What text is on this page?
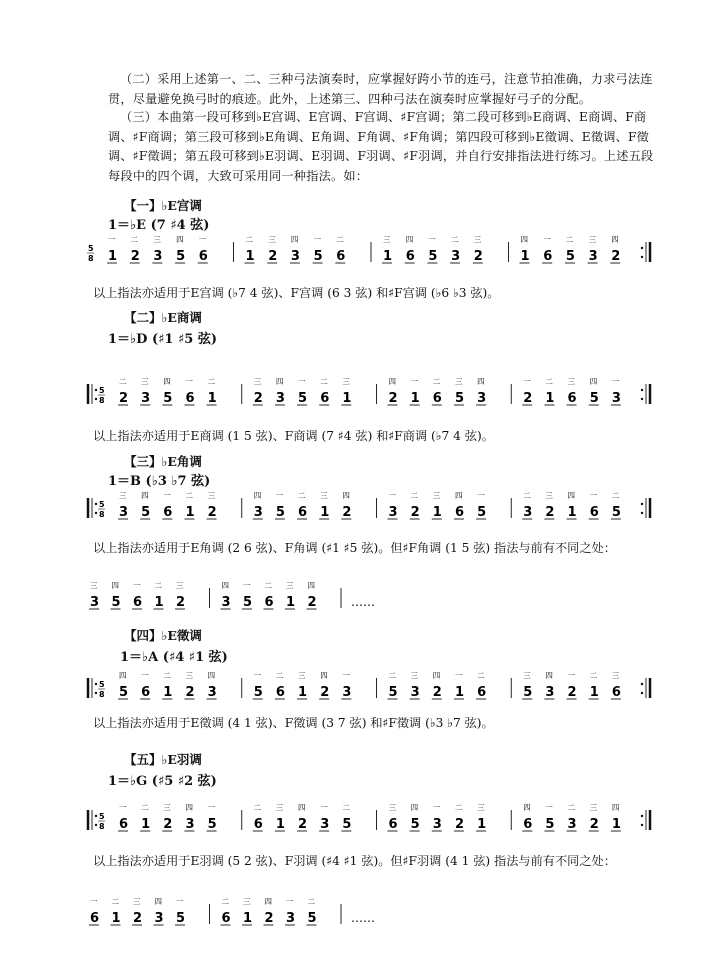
（二）采用上述第一、二、三种弓法演奏时，应掌握好跨小节的连弓，注意节拍准确，力求弓法连贯，尽量避免换弓时的痕迹。此外，上述第三、四种弓法在演奏时应掌握好弓子的分配。
（三）本曲第一段可移到♭E宫调、E宫调、F宫调、♯F宫调；第二段可移到♭E商调、E商调、F商调、♯F商调；第三段可移到♭E角调、E角调、F角调、♯F角调；第四段可移到♭E徵调、E徵调、F徵调、♯F徵调；第五段可移到♭E羽调、E羽调、F羽调、♯F羽调，并自行安排指法进行练习。上述五段每段中的四个调，大致可采用同一种指法。如：
【一】♭E宫调
1＝♭E (7 ♯4 弦)
以上指法亦适用于E宫调 (♭7 4 弦)、F宫调 (6 3 弦) 和♯F宫调 (♭6 ♭3 弦)。
【二】♭E商调
1＝♭D (♯1 ♯5 弦)
以上指法亦适用于E商调 (1 5 弦)、F商调 (7 ♯4 弦) 和♯F商调 (♭7 4 弦)。
【三】♭E角调
1＝B (♭3 ♭7 弦)
以上指法亦适用于E角调 (2 6 弦)、F角调 (♯1 ♯5 弦)。但♯F角调 (1 5 弦) 指法与前有不同之处：
【四】♭E徵调
1＝♭A (♯4 ♯1 弦)
以上指法亦适用于E徵调 (4 1 弦)、F徵调 (3 7 弦) 和♯F徵调 (♭3 ♭7 弦)。
【五】♭E羽调
1＝♭G (♯5 ♯2 弦)
以上指法亦适用于E羽调 (5 2 弦)、F羽调 (♯4 ♯1 弦)。但♯F羽调 (4 1 弦) 指法与前有不同之处：
5
8 1
一
2
二
3
三
5
四
6
一
1
二
2
三
3
四
5
一
6
二
1
三
6
四
5
一
3
二
2
三
1
四
6
一
5
二
3
三
2
四
5
8 2
二
3
三
5
四
6
一
1
二
2
三
3
四
5
一
6
二
1
三
2
四
1
一
6
二
5
三
3
四
2
一
1
二
6
三
5
四
3
一
5
8 3
三
5
四
6
一
1
二
2
三
3
四
5
一
6
二
1
三
2
四
3
一
2
二
1
三
6
四
5
一
3
二
2
三
1
四
6
一
5
二
5
8 5
四
6
一
1
二
2
三
3
四
5
一
6
二
1
三
2
四
3
一
5
二
3
三
2
四
1
一
6
二
5
三
3
四
2
一
1
二
6
三
5
8 6
一
1
二
2
三
3
四
5
一
6
二
1
三
2
四
3
一
5
二
6
三
5
四
3
一
2
二
1
三
6
四
5
一
3
二
2
三
1
四
3
三
5
四
6
一
1
二
2
三
3
四
5
一
6
二
1
三
2
四
……
6
一
1
二
2
三
3
四
5
一
6
二
1
三
2
四
3
一
5
二
……
